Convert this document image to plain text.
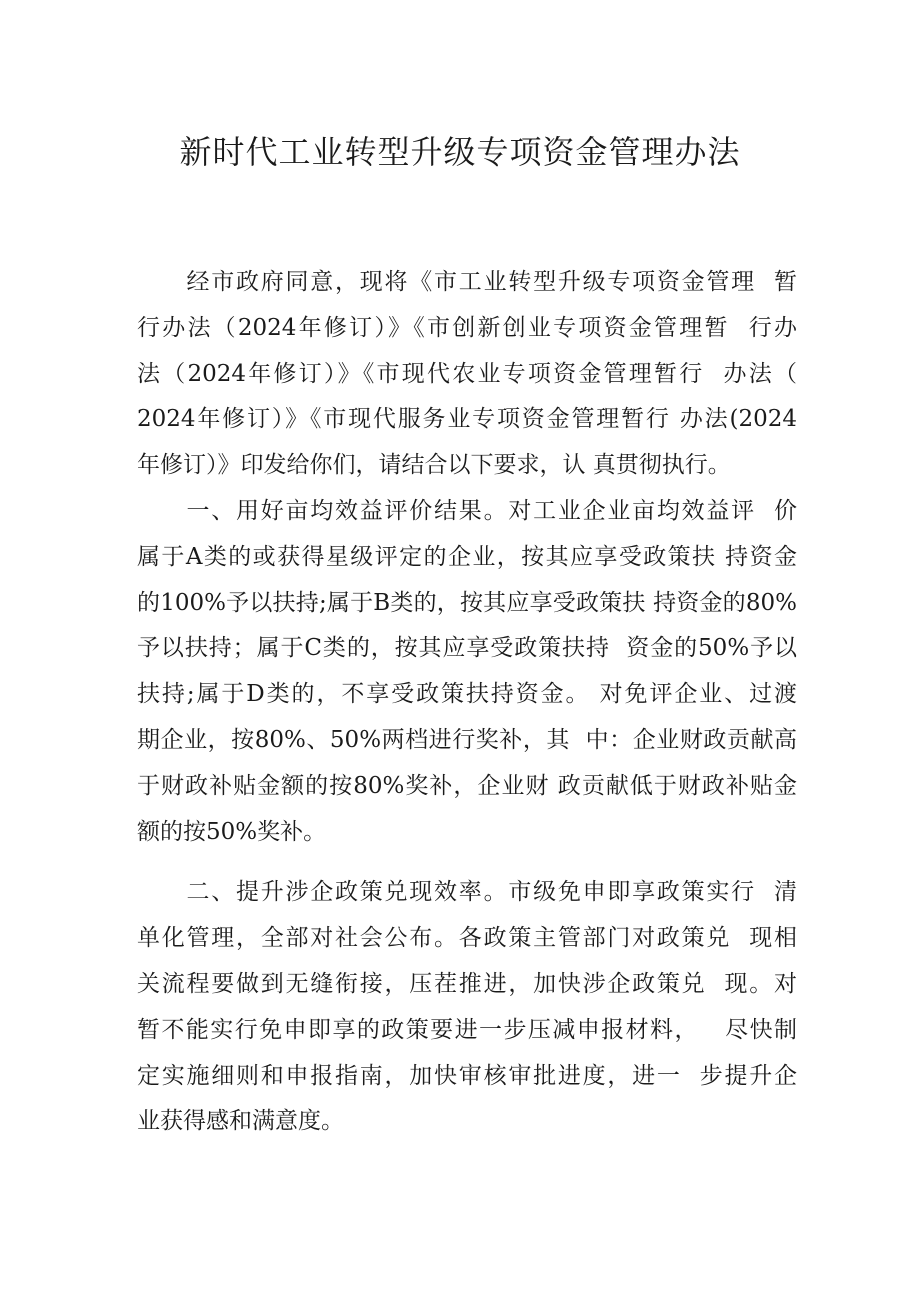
新时代工业转型升级专项资金管理办法

　　经市政府同意，现将《市工业转型升级专项资金管理  暂

行办法（2024年修订）》《市创新创业专项资金管理暂  行办

法（2024年修订）》《市现代农业专项资金管理暂行  办法（

2024年修订）》《市现代服务业专项资金管理暂行 办法(2024

年修订）》印发给你们，请结合以下要求，认 真贯彻执行。

　　一、用好亩均效益评价结果。对工业企业亩均效益评  价

属于A类的或获得星级评定的企业，按其应享受政策扶 持资金

的100%予以扶持;属于B类的，按其应享受政策扶 持资金的80%

予以扶持；属于C类的，按其应享受政策扶持  资金的50%予以

扶持;属于D类的，不享受政策扶持资金。 对免评企业、过渡

期企业，按80%、50%两档进行奖补，其  中：企业财政贡献高

于财政补贴金额的按80%奖补，企业财 政贡献低于财政补贴金

额的按50%奖补。

　　二、提升涉企政策兑现效率。市级免申即享政策实行  清

单化管理，全部对社会公布。各政策主管部门对政策兑  现相

关流程要做到无缝衔接，压茬推进，加快涉企政策兑  现。对

暂不能实行免申即享的政策要进一步压减申报材料，   尽快制

定实施细则和申报指南，加快审核审批进度，进一  步提升企

业获得感和满意度。
